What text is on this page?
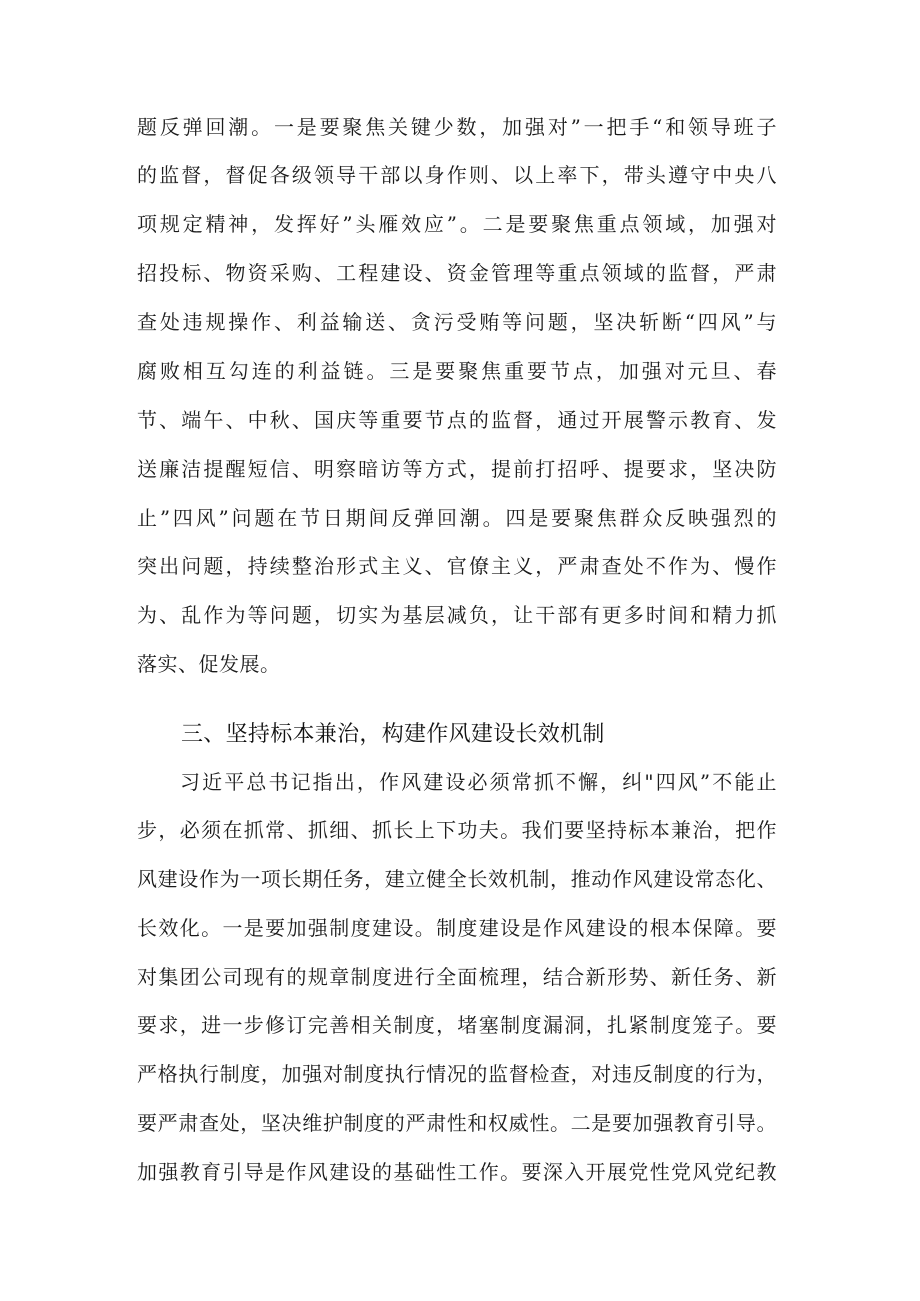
题反弹回潮。一是要聚焦关键少数，加强对”一把手“和领导班子
的监督，督促各级领导干部以身作则、以上率下，带头遵守中央八
项规定精神，发挥好”头雁效应”。二是要聚焦重点领域，加强对
招投标、物资采购、工程建设、资金管理等重点领域的监督，严肃
查处违规操作、利益输送、贪污受贿等问题，坚决斩断“四风”与
腐败相互勾连的利益链。三是要聚焦重要节点，加强对元旦、春
节、端午、中秋、国庆等重要节点的监督，通过开展警示教育、发
送廉洁提醒短信、明察暗访等方式，提前打招呼、提要求，坚决防
止”四风”问题在节日期间反弹回潮。四是要聚焦群众反映强烈的
突出问题，持续整治形式主义、官僚主义，严肃查处不作为、慢作
为、乱作为等问题，切实为基层减负，让干部有更多时间和精力抓
落实、促发展。
三、坚持标本兼治，构建作风建设长效机制
习近平总书记指出，作风建设必须常抓不懈，纠"四风”不能止
步，必须在抓常、抓细、抓长上下功夫。我们要坚持标本兼治，把作
风建设作为一项长期任务，建立健全长效机制，推动作风建设常态化、
长效化。一是要加强制度建设。制度建设是作风建设的根本保障。要
对集团公司现有的规章制度进行全面梳理，结合新形势、新任务、新
要求，进一步修订完善相关制度，堵塞制度漏洞，扎紧制度笼子。要
严格执行制度，加强对制度执行情况的监督检查，对违反制度的行为，
要严肃查处，坚决维护制度的严肃性和权威性。二是要加强教育引导。
加强教育引导是作风建设的基础性工作。要深入开展党性党风党纪教
